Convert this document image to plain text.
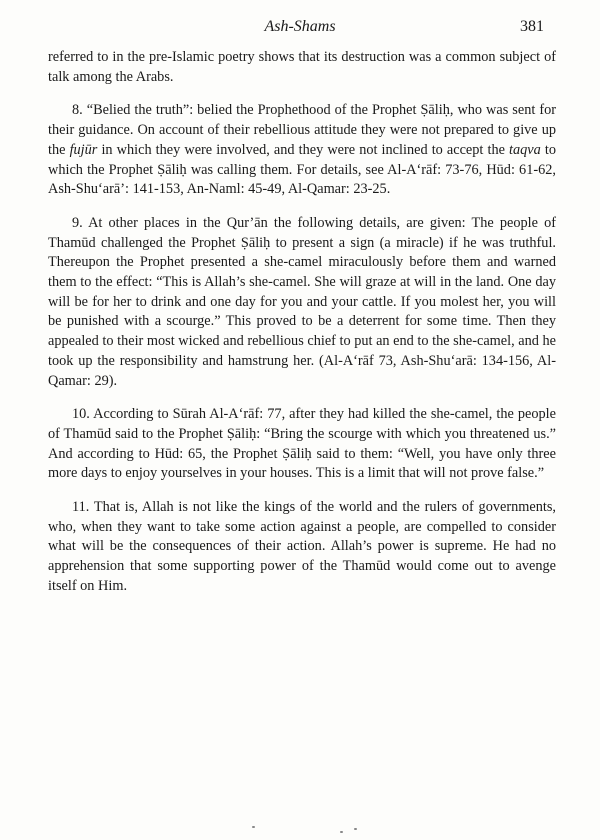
Ash-Shams	381

referred to in the pre-Islamic poetry shows that its destruction was a common subject of talk among the Arabs.

8. “Belied the truth”: belied the Prophethood of the Prophet Ṣāliḥ, who was sent for their guidance. On account of their rebellious attitude they were not prepared to give up the fujūr in which they were involved, and they were not inclined to accept the taqva to which the Prophet Ṣāliḥ was calling them. For details, see Al-A‘rāf: 73-76, Hūd: 61-62, Ash-Shu‘arā’: 141-153, An-Naml: 45-49, Al-Qamar: 23-25.

9. At other places in the Qur’ān the following details, are given: The people of Thamūd challenged the Prophet Ṣāliḥ to present a sign (a miracle) if he was truthful. Thereupon the Prophet presented a she-camel miraculously before them and warned them to the effect: “This is Allah’s she-camel. She will graze at will in the land. One day will be for her to drink and one day for you and your cattle. If you molest her, you will be punished with a scourge.” This proved to be a deterrent for some time. Then they appealed to their most wicked and rebellious chief to put an end to the she-camel, and he took up the responsibility and hamstrung her. (Al-A‘rāf 73, Ash-Shu‘arā: 134-156, Al-Qamar: 29).

10. According to Sūrah Al-A‘rāf: 77, after they had killed the she-camel, the people of Thamūd said to the Prophet Ṣāliḥ: “Bring the scourge with which you threatened us.” And according to Hūd: 65, the Prophet Ṣāliḥ said to them: “Well, you have only three more days to enjoy yourselves in your houses. This is a limit that will not prove false.”

11. That is, Allah is not like the kings of the world and the rulers of governments, who, when they want to take some action against a people, are compelled to consider what will be the consequences of their action. Allah’s power is supreme. He had no apprehension that some supporting power of the Thamūd would come out to avenge itself on Him.
